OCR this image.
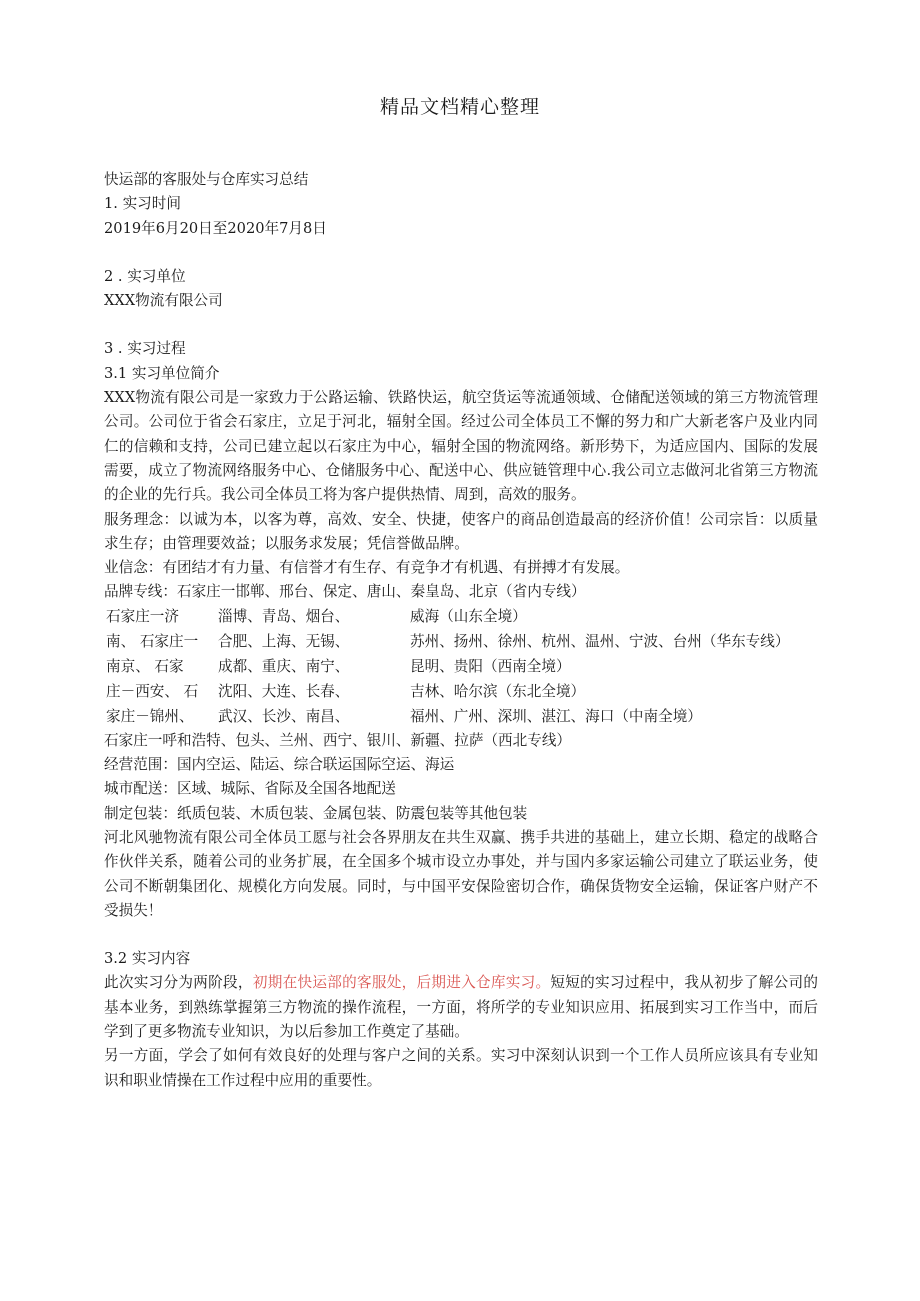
精品文档精心整理

快运部的客服处与仓库实习总结

1. 实习时间

2019年6月20日至2020年7月8日

2 . 实习单位

XXX物流有限公司

3 . 实习过程

3.1 实习单位简介

XXX物流有限公司是一家致力于公路运输、铁路快运，航空货运等流通领域、仓储配送领域的第三方物流管理公司。公司位于省会石家庄，立足于河北，辐射全国。经过公司全体员工不懈的努力和广大新老客户及业内同仁的信赖和支持，公司已建立起以石家庄为中心，辐射全国的物流网络。新形势下，为适应国内、国际的发展需要，成立了物流网络服务中心、仓储服务中心、配送中心、供应链管理中心.我公司立志做河北省第三方物流的企业的先行兵。我公司全体员工将为客户提供热情、周到，高效的服务。

服务理念：以诚为本，以客为尊，高效、安全、快捷，使客户的商品创造最高的经济价值！公司宗旨：以质量求生存；由管理要效益；以服务求发展；凭信誉做品牌。

业信念：有团结才有力量、有信誉才有生存、有竞争才有机遇、有拼搏才有发展。

品牌专线：石家庄一邯郸、邢台、保定、唐山、秦皇岛、北京（省内专线）

石家庄一济	淄博、青岛、烟台、	威海（山东全境）
南、 石家庄一	合肥、上海、无锡、	苏州、扬州、徐州、杭州、温州、宁波、台州（华东专线）
南京、 石家	成都、重庆、南宁、	昆明、贵阳（西南全境）
庄－西安、 石	沈阳、大连、长春、	吉林、哈尔滨（东北全境）
家庄－锦州、	武汉、长沙、南昌、	福州、广州、深圳、湛江、海口（中南全境）

石家庄一呼和浩特、包头、兰州、西宁、银川、新疆、拉萨（西北专线）

经营范围：国内空运、陆运、综合联运国际空运、海运

城市配送：区域、城际、省际及全国各地配送

制定包装：纸质包装、木质包装、金属包装、防震包装等其他包装

河北风驰物流有限公司全体员工愿与社会各界朋友在共生双赢、携手共进的基础上，建立长期、稳定的战略合作伙伴关系，随着公司的业务扩展，在全国多个城市设立办事处，并与国内多家运输公司建立了联运业务，使公司不断朝集团化、规模化方向发展。同时，与中国平安保险密切合作，确保货物安全运输，保证客户财产不受损失！

3.2 实习内容

此次实习分为两阶段，初期在快运部的客服处，后期进入仓库实习。短短的实习过程中，我从初步了解公司的基本业务，到熟练掌握第三方物流的操作流程，一方面，将所学的专业知识应用、拓展到实习工作当中，而后学到了更多物流专业知识，为以后参加工作奠定了基础。

另一方面，学会了如何有效良好的处理与客户之间的关系。实习中深刻认识到一个工作人员所应该具有专业知识和职业情操在工作过程中应用的重要性。
